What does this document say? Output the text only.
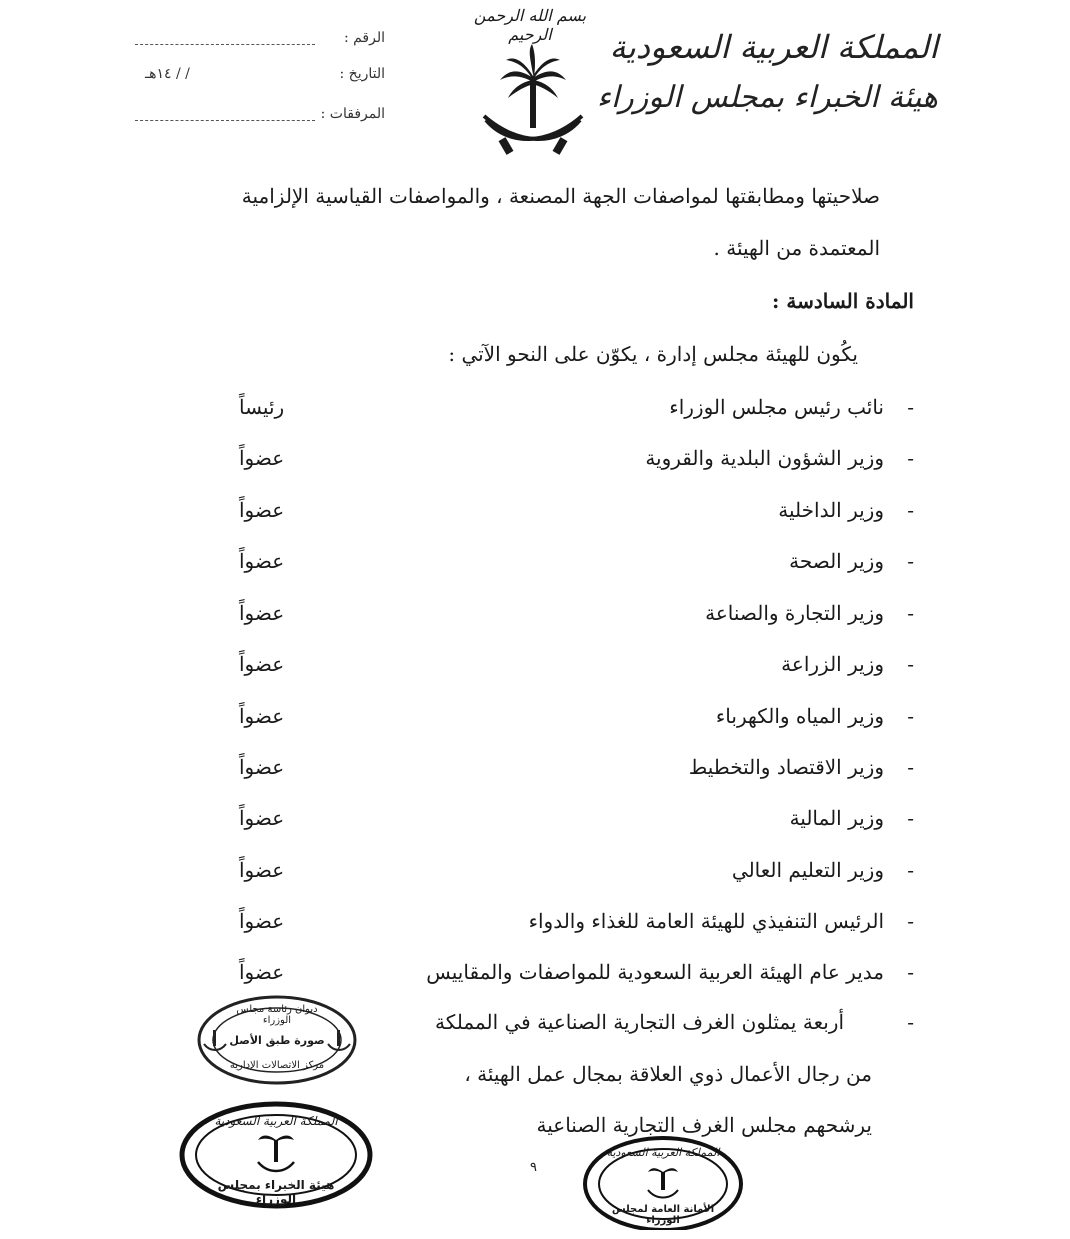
الرقم :
التاريخ :
/ / ١٤هـ
المرفقات :
بسم الله الرحمن الرحيم	المملكة العربية السعودية
هيئة الخبراء بمجلس الوزراء
صلاحيتها ومطابقتها لمواصفات الجهة المصنعة ، والمواصفات القياسية الإلزامية
المعتمدة من الهيئة .
المادة السادسة :
يكُون للهيئة مجلس إدارة ، يكوّن على النحو الآتي :
-
نائب رئيس مجلس الوزراء
رئيساً
-
وزير الشؤون البلدية والقروية
عضواً
-
وزير الداخلية
عضواً
-
وزير الصحة
عضواً
-
وزير التجارة والصناعة
عضواً
-
وزير الزراعة
عضواً
-
وزير المياه والكهرباء
عضواً
-
وزير الاقتصاد والتخطيط
عضواً
-
وزير المالية
عضواً
-
وزير التعليم العالي
عضواً
-
الرئيس التنفيذي للهيئة العامة للغذاء والدواء
عضواً
-
مدير عام الهيئة العربية السعودية للمواصفات والمقاييس
عضواً
-
أربعة يمثلون الغرف التجارية الصناعية في المملكة
من رجال الأعمال ذوي العلاقة بمجال عمل الهيئة ،
يرشحهم مجلس الغرف التجارية الصناعية
٩
ديوان رئاسة مجلس الوزراء
صورة طبق الأصل
مركز الاتصالات الإدارية
المملكة العربية السعودية
هيئة الخبراء بمجلس الوزراء
المملكة العربية السعودية
الأمانة العامة لمجلس الوزراء
